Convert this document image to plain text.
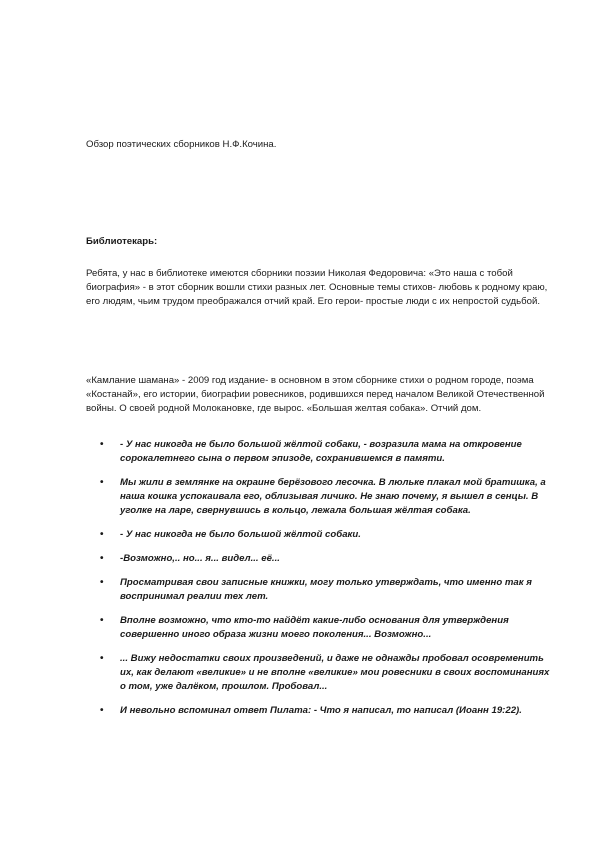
Обзор поэтических сборников Н.Ф.Кочина.
Библиотекарь:
Ребята, у нас в библиотеке имеются сборники поэзии Николая Федоровича: «Это наша с тобой биография» - в этот сборник вошли стихи разных лет. Основные темы стихов- любовь к родному краю, его людям, чьим трудом преображался отчий край. Его герои- простые люди с их непростой судьбой.
«Камлание шамана» - 2009 год издание- в основном в этом сборнике стихи о родном городе, поэма «Костанай», его истории, биографии ровесников, родившихся перед началом Великой Отечественной войны. О своей родной Молокановке, где вырос. «Большая желтая собака». Отчий дом.
• - У нас никогда не было большой жёлтой собаки, - возразила мама на откровение сорокалетнего сына о первом эпизоде, сохранившемся в памяти.
• Мы жили в землянке на окраине берёзового лесочка. В люльке плакал мой братишка, а наша кошка успокаивала его, облизывая личико. Не знаю почему, я вышел в сенцы. В уголке на ларе, свернувшись в кольцо, лежала большая жёлтая собака.
• - У нас никогда не было большой жёлтой собаки.
• -Возможно,.. но... я... видел... её...
• Просматривая свои записные книжки, могу только утверждать, что именно так я воспринимал реалии тех лет.
• Вполне возможно, что кто-то найдёт какие-либо основания для утверждения совершенно иного образа жизни моего поколения... Возможно...
• ... Вижу недостатки своих произведений, и даже не однажды пробовал осовременить их, как делают «великие» и не вполне «великие» мои ровесники в своих воспоминаниях о том, уже далёком, прошлом. Пробовал...
• И невольно вспоминал ответ Пилата: - Что я написал, то написал (Иоанн 19:22).
